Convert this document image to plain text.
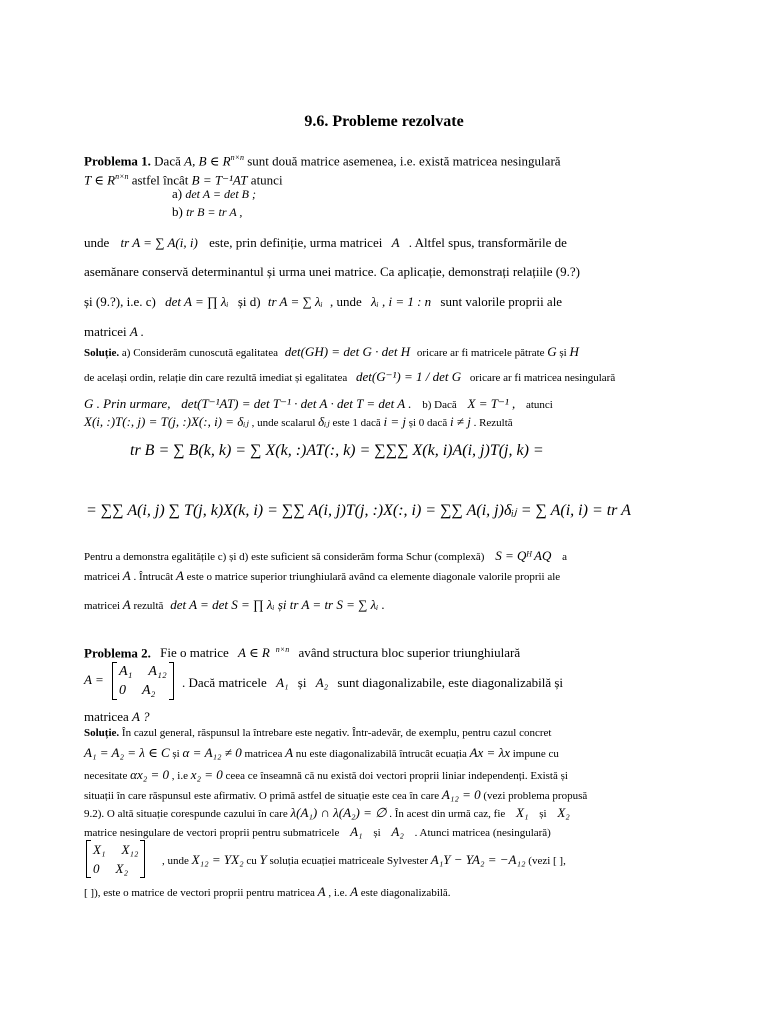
9.6. Probleme rezolvate
Problema 1. Dacă A, B ∈ $R^{n\times n}$ sunt două matrice asemenea, i.e. există matricea nesingulară
T ∈ $R^{n\times n}$ astfel încât B = T⁻¹AT atunci
a) det A = det B ;
b) tr B = tr A ,
unde tr A = ∑ A(i, i) este, prin definiție, urma matricei A . Altfel spus, transformările de
asemănare conservă determinantul și urma unei matrice. Ca aplicație, demonstrați relațiile (9.?)
și (9.?), i.e. c) det A = ∏ λᵢ și d) tr A = ∑ λᵢ , unde λᵢ , i = 1 : n sunt valorile proprii ale
matricei A .
Soluție. a) Considerăm cunoscută egalitatea det(GH) = det G · det H oricare ar fi matricele pătrate G și H
de același ordin, relație din care rezultă imediat și egalitatea det(G⁻¹) = 1 / det G oricare ar fi matricea nesingulară
G . Prin urmare, det(T⁻¹AT) = det T⁻¹ · det A · det T = det A . b) Dacă X = T⁻¹ , atunci
X(i, :)T(:, j) = T(j, :)X(:, i) = δᵢⱼ , unde scalarul δᵢⱼ este 1 dacă i = j și 0 dacă i ≠ j . Rezultă
tr B = ∑ B(k, k) = ∑ X(k, :)AT(:, k) = ∑∑∑ X(k, i)A(i, j)T(j, k) =
= ∑∑ A(i, j) ∑ T(j, k)X(k, i) = ∑∑ A(i, j)T(j, :)X(:, i) = ∑∑ A(i, j)δᵢⱼ = ∑ A(i, i) = tr A
Pentru a demonstra egalitățile c) și d) este suficient să considerăm forma Schur (complexă) S = Qᴴ AQ a
matricei A . Întrucât A este o matrice superior triunghiulară având ca elemente diagonale valorile proprii ale
matricei A rezultă det A = det S = ∏ λᵢ și tr A = tr S = ∑ λᵢ .
Problema 2. Fie o matrice A ∈ R $^{n\times n}$ având structura bloc superior triunghiulară
A =
A₁ A₁₂
0 A₂
. Dacă matricele A₁ și A₂ sunt diagonalizabile, este diagonalizabilă și
matricea A ?
Soluție. În cazul general, răspunsul la întrebare este negativ. Într-adevăr, de exemplu, pentru cazul concret
A₁ = A₂ = λ ∈ C și α = A₁₂ ≠ 0 matricea A nu este diagonalizabilă întrucât ecuația Ax = λx impune cu
necesitate αx₂ = 0 , i.e x₂ = 0 ceea ce înseamnă că nu există doi vectori proprii liniar independenți. Există și
situații în care răspunsul este afirmativ. O primă astfel de situație este cea în care A₁₂ = 0 (vezi problema propusă
9.2). O altă situație corespunde cazului în care λ(A₁) ∩ λ(A₂) = ∅ . În acest din urmă caz, fie X₁ și X₂
matrice nesingulare de vectori proprii pentru submatricele A₁ și A₂ . Atunci matricea (nesingulară)
X₁ X₁₂
0 X₂	, unde X₁₂ = YX₂ cu Y soluția ecuației matriceale Sylvester A₁Y − YA₂ = −A₁₂ (vezi [ ],
[ ]), este o matrice de vectori proprii pentru matricea A , i.e. A este diagonalizabilă.
